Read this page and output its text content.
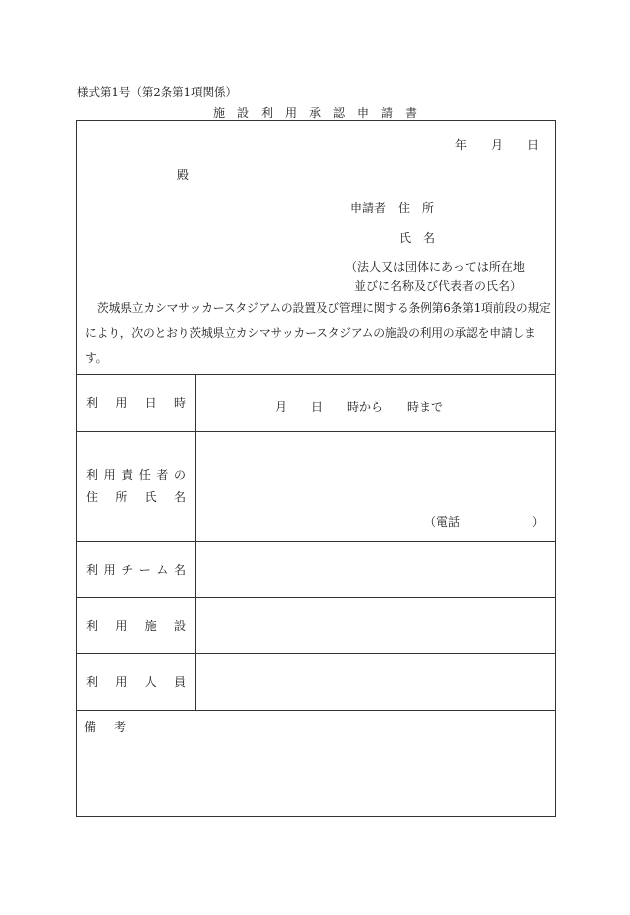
様式第1号（第2条第1項関係）
施　設　利　用　承　認　申　請　書
年　　月　　日
殿
申請者　住　所
氏　名
（法人又は団体にあっては所在地
並びに名称及び代表者の氏名）
茨城県立カシマサッカースタジアムの設置及び管理に関する条例第6条第1項前段の規定により，次のとおり茨城県立カシマサッカースタジアムの施設の利用の承認を申請します。
利用日時	月　　日　　時から　　時まで
利用責任者の
住所氏名
（電話　　　　　　）
利用チーム名
利用施設
利用人員
備考
